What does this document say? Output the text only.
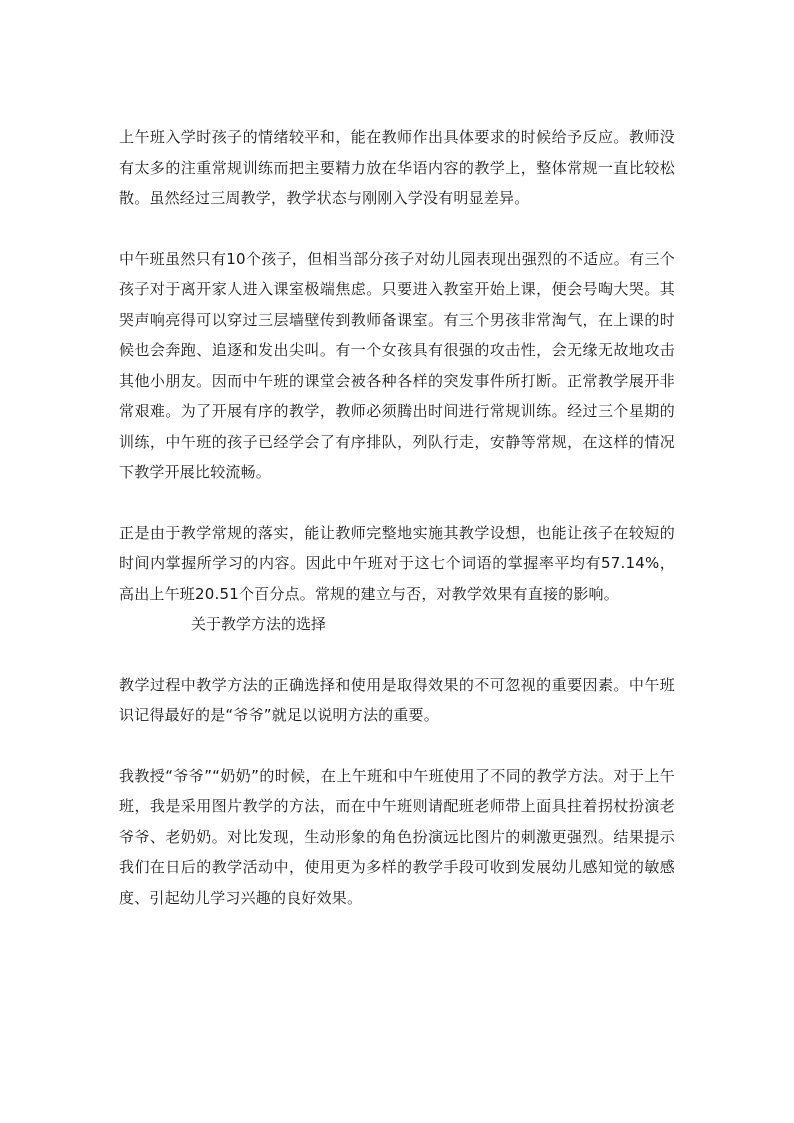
上午班入学时孩子的情绪较平和，能在教师作出具体要求的时候给予反应。教师没有太多的注重常规训练而把主要精力放在华语内容的教学上，整体常规一直比较松散。虽然经过三周教学，教学状态与刚刚入学没有明显差异。

中午班虽然只有10个孩子，但相当部分孩子对幼儿园表现出强烈的不适应。有三个孩子对于离开家人进入课室极端焦虑。只要进入教室开始上课，便会号啕大哭。其哭声响亮得可以穿过三层墙壁传到教师备课室。有三个男孩非常淘气，在上课的时候也会奔跑、追逐和发出尖叫。有一个女孩具有很强的攻击性，会无缘无故地攻击其他小朋友。因而中午班的课堂会被各种各样的突发事件所打断。正常教学展开非常艰难。为了开展有序的教学，教师必须腾出时间进行常规训练。经过三个星期的训练，中午班的孩子已经学会了有序排队，列队行走，安静等常规，在这样的情况下教学开展比较流畅。

正是由于教学常规的落实，能让教师完整地实施其教学设想，也能让孩子在较短的时间内掌握所学习的内容。因此中午班对于这七个词语的掌握率平均有57.14%，高出上午班20.51个百分点。常规的建立与否，对教学效果有直接的影响。

关于教学方法的选择

教学过程中教学方法的正确选择和使用是取得效果的不可忽视的重要因素。中午班识记得最好的是“爷爷”就足以说明方法的重要。

我教授“爷爷”“奶奶”的时候，在上午班和中午班使用了不同的教学方法。对于上午班，我是采用图片教学的方法，而在中午班则请配班老师带上面具拄着拐杖扮演老爷爷、老奶奶。对比发现，生动形象的角色扮演远比图片的刺激更强烈。结果提示我们在日后的教学活动中，使用更为多样的教学手段可收到发展幼儿感知觉的敏感度、引起幼儿学习兴趣的良好效果。
